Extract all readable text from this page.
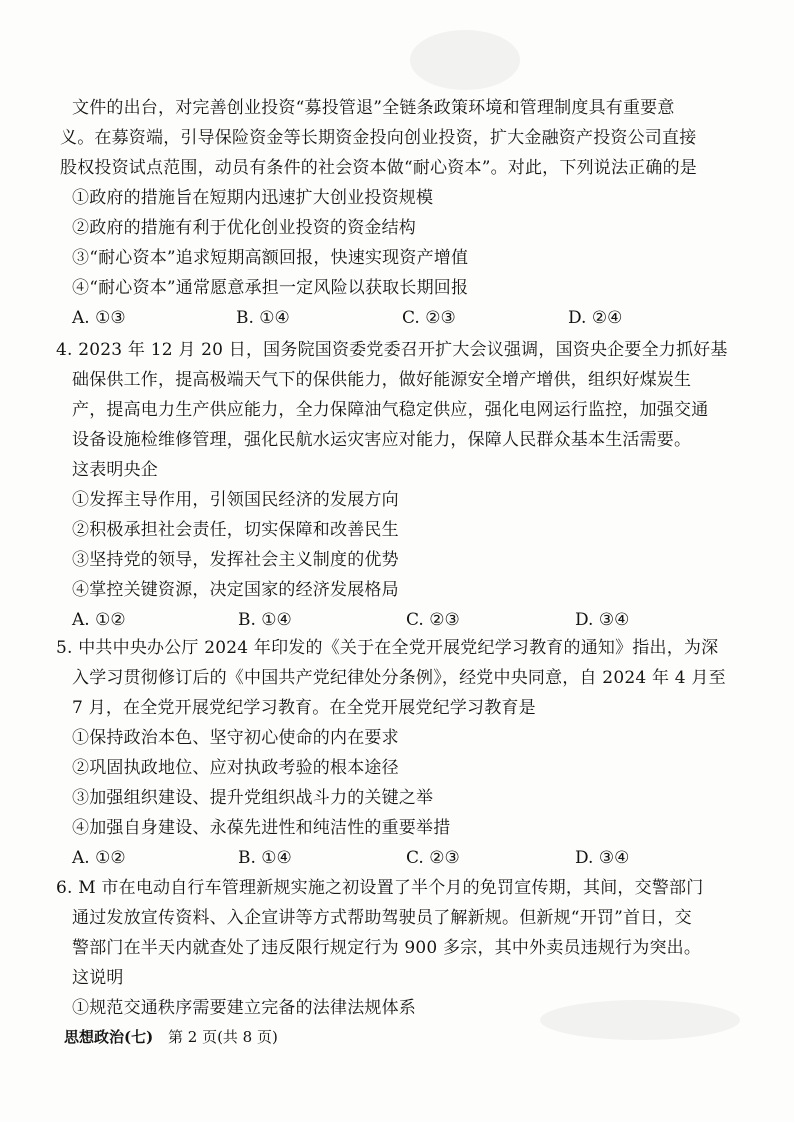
文件的出台，对完善创业投资“募投管退”全链条政策环境和管理制度具有重要意
义。在募资端，引导保险资金等长期资金投向创业投资，扩大金融资产投资公司直接
股权投资试点范围，动员有条件的社会资本做“耐心资本”。对此，下列说法正确的是
①政府的措施旨在短期内迅速扩大创业投资规模
②政府的措施有利于优化创业投资的资金结构
③“耐心资本”追求短期高额回报，快速实现资产增值
④“耐心资本”通常愿意承担一定风险以获取长期回报
A. ①③	B. ①④	C. ②③	D. ②④
4. 2023 年 12 月 20 日，国务院国资委党委召开扩大会议强调，国资央企要全力抓好基
础保供工作，提高极端天气下的保供能力，做好能源安全增产增供，组织好煤炭生
产，提高电力生产供应能力，全力保障油气稳定供应，强化电网运行监控，加强交通
设备设施检维修管理，强化民航水运灾害应对能力，保障人民群众基本生活需要。
这表明央企
①发挥主导作用，引领国民经济的发展方向
②积极承担社会责任，切实保障和改善民生
③坚持党的领导，发挥社会主义制度的优势
④掌控关键资源，决定国家的经济发展格局
A. ①②	B. ①④	C. ②③	D. ③④
5. 中共中央办公厅 2024 年印发的《关于在全党开展党纪学习教育的通知》指出，为深
入学习贯彻修订后的《中国共产党纪律处分条例》，经党中央同意，自 2024 年 4 月至
7 月，在全党开展党纪学习教育。在全党开展党纪学习教育是
①保持政治本色、坚守初心使命的内在要求
②巩固执政地位、应对执政考验的根本途径
③加强组织建设、提升党组织战斗力的关键之举
④加强自身建设、永葆先进性和纯洁性的重要举措
A. ①②	B. ①④	C. ②③	D. ③④
6. M 市在电动自行车管理新规实施之初设置了半个月的免罚宣传期，其间，交警部门
通过发放宣传资料、入企宣讲等方式帮助驾驶员了解新规。但新规“开罚”首日，交
警部门在半天内就查处了违反限行规定行为 900 多宗，其中外卖员违规行为突出。
这说明
①规范交通秩序需要建立完备的法律法规体系
思想政治(七) 第 2 页(共 8 页)
